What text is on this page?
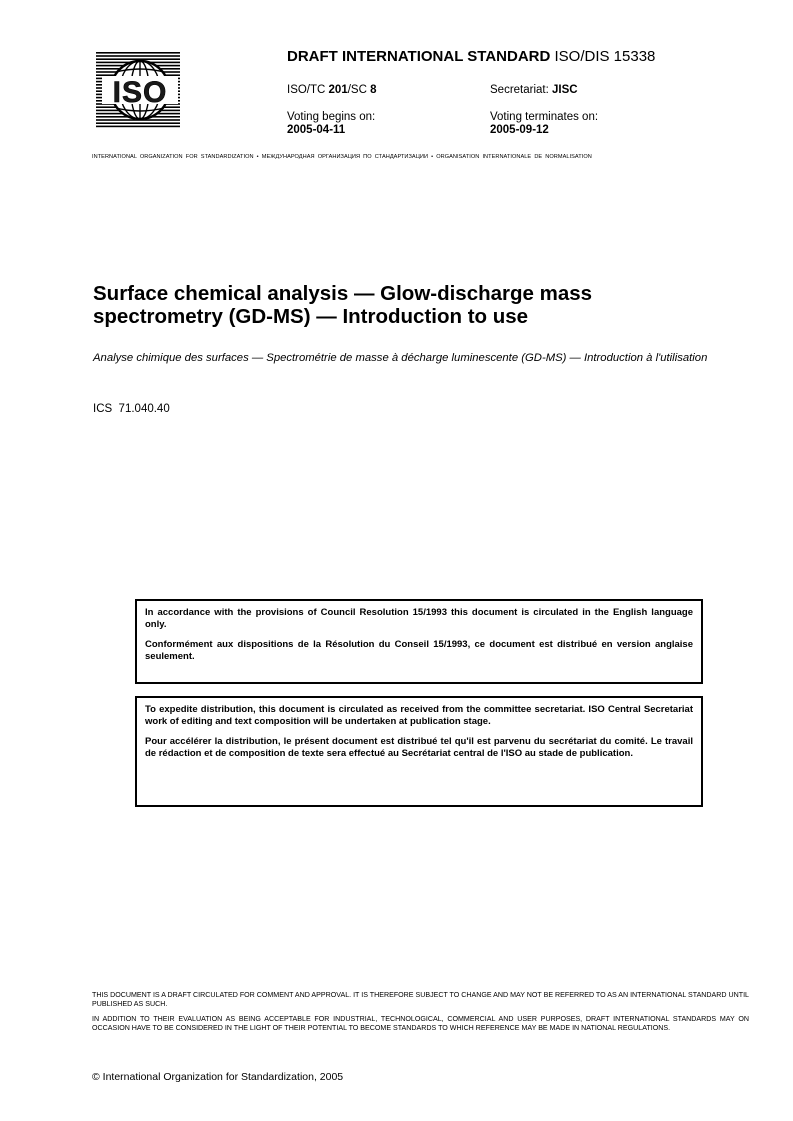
ISO
DRAFT INTERNATIONAL STANDARD ISO/DIS 15338
ISO/TC 201/SC 8	Secretariat: JISC
Voting begins on:
2005-04-11
Voting terminates on:
2005-09-12
INTERNATIONAL ORGANIZATION FOR STANDARDIZATION • МЕЖДУНАРОДНАЯ ОРГАНИЗАЦИЯ ПО СТАНДАРТИЗАЦИИ • ORGANISATION INTERNATIONALE DE NORMALISATION
Surface chemical analysis — Glow-discharge mass spectrometry (GD-MS) — Introduction to use
Analyse chimique des surfaces — Spectrométrie de masse à décharge luminescente (GD-MS) — Introduction à l'utilisation
ICS  71.040.40

In accordance with the provisions of Council Resolution 15/1993 this document is circulated in the English language only.

Conformément aux dispositions de la Résolution du Conseil 15/1993, ce document est distribué en version anglaise seulement.

To expedite distribution, this document is circulated as received from the committee secretariat. ISO Central Secretariat work of editing and text composition will be undertaken at publication stage.

Pour accélérer la distribution, le présent document est distribué tel qu'il est parvenu du secrétariat du comité. Le travail de rédaction et de composition de texte sera effectué au Secrétariat central de l'ISO au stade de publication.

THIS DOCUMENT IS A DRAFT CIRCULATED FOR COMMENT AND APPROVAL. IT IS THEREFORE SUBJECT TO CHANGE AND MAY NOT BE REFERRED TO AS AN INTERNATIONAL STANDARD UNTIL PUBLISHED AS SUCH.
IN ADDITION TO THEIR EVALUATION AS BEING ACCEPTABLE FOR INDUSTRIAL, TECHNOLOGICAL, COMMERCIAL AND USER PURPOSES, DRAFT INTERNATIONAL STANDARDS MAY ON OCCASION HAVE TO BE CONSIDERED IN THE LIGHT OF THEIR POTENTIAL TO BECOME STANDARDS TO WHICH REFERENCE MAY BE MADE IN NATIONAL REGULATIONS.
© International Organization for Standardization, 2005
